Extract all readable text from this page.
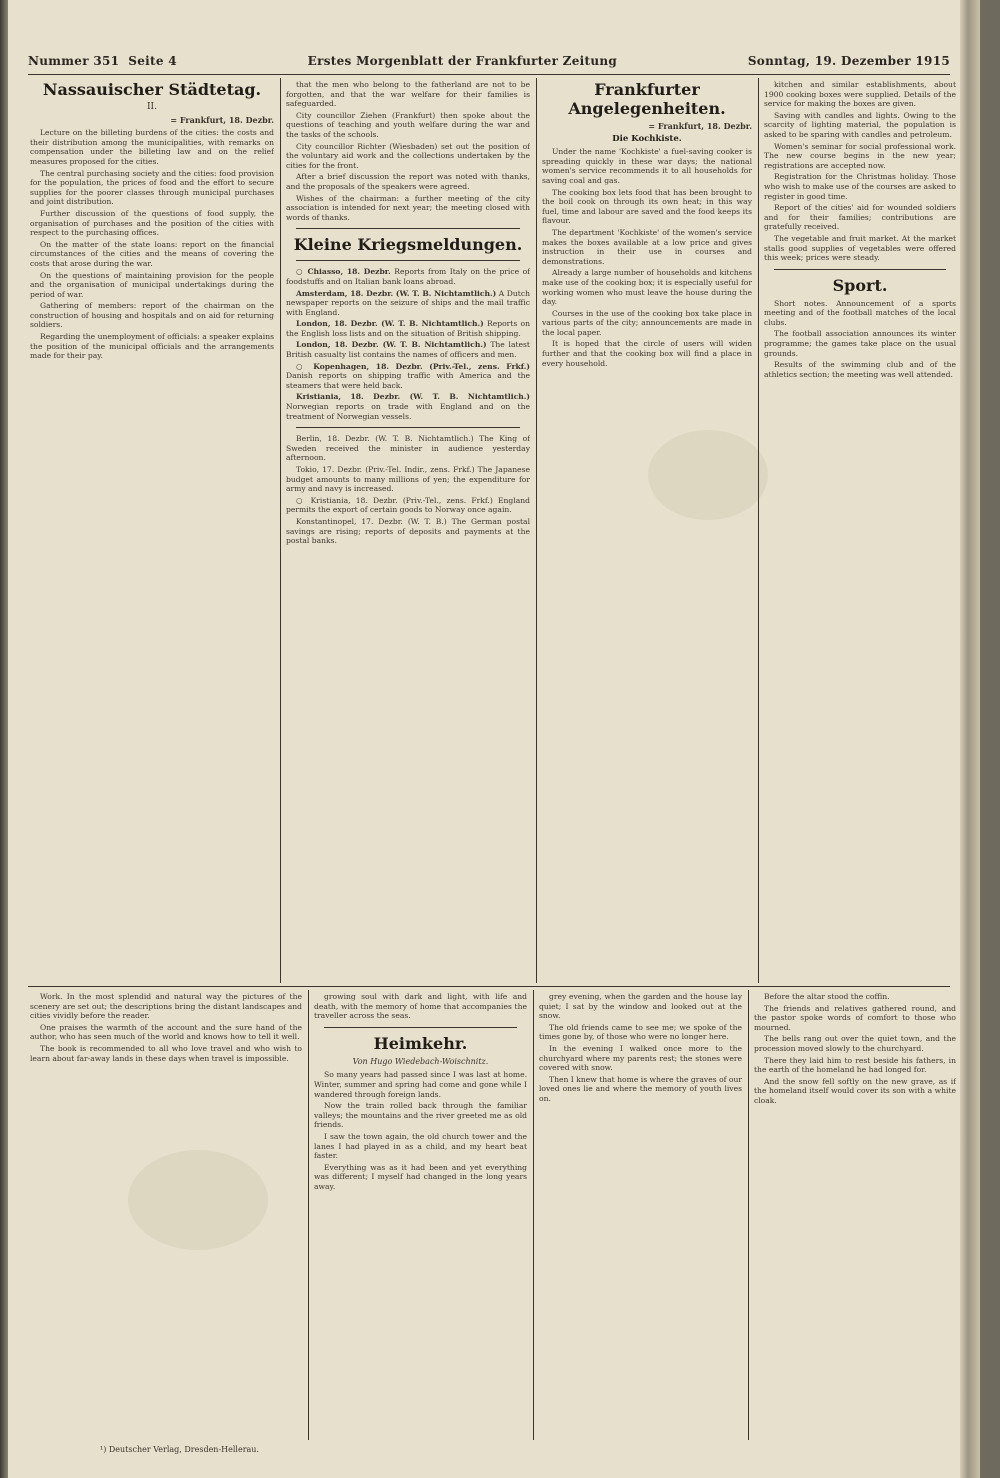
Nummer 351 Seite 4	Erstes Morgenblatt der Frankfurter Zeitung	Sonntag, 19. Dezember 1915
Nassauischer Städtetag.
II.
= Frankfurt, 18. Dezbr.

Lecture on the billeting burdens of the cities: the costs and their distribution among the municipalities, with remarks on compensation under the billeting law and on the relief measures proposed for the cities.

The central purchasing society and the cities: food provision for the population, the prices of food and the effort to secure supplies for the poorer classes through municipal purchases and joint distribution.

Further discussion of the questions of food supply, the organisation of purchases and the position of the cities with respect to the purchasing offices.

On the matter of the state loans: report on the financial circumstances of the cities and the means of covering the costs that arose during the war.

On the questions of maintaining provision for the people and the organisation of municipal undertakings during the period of war.

Gathering of members: report of the chairman on the construction of housing and hospitals and on aid for returning soldiers.

Regarding the unemployment of officials: a speaker explains the position of the municipal officials and the arrangements made for their pay.

that the men who belong to the fatherland are not to be forgotten, and that the war welfare for their families is safeguarded.

City councillor Ziehen (Frankfurt) then spoke about the questions of teaching and youth welfare during the war and the tasks of the schools.

City councillor Richter (Wiesbaden) set out the position of the voluntary aid work and the collections undertaken by the cities for the front.

After a brief discussion the report was noted with thanks, and the proposals of the speakers were agreed.

Wishes of the chairman: a further meeting of the city association is intended for next year; the meeting closed with words of thanks.

Kleine Kriegsmeldungen.

○ Chiasso, 18. Dezbr. Reports from Italy on the price of foodstuffs and on Italian bank loans abroad.

Amsterdam, 18. Dezbr. (W. T. B. Nichtamtlich.) A Dutch newspaper reports on the seizure of ships and the mail traffic with England.

London, 18. Dezbr. (W. T. B. Nichtamtlich.) Reports on the English loss lists and on the situation of British shipping.

London, 18. Dezbr. (W. T. B. Nichtamtlich.) The latest British casualty list contains the names of officers and men.

○ Kopenhagen, 18. Dezbr. (Priv.-Tel., zens. Frkf.) Danish reports on shipping traffic with America and the steamers that were held back.

Kristiania, 18. Dezbr. (W. T. B. Nichtamtlich.) Norwegian reports on trade with England and on the treatment of Norwegian vessels.

Berlin, 18. Dezbr. (W. T. B. Nichtamtlich.) The King of Sweden received the minister in audience yesterday afternoon.

Tokio, 17. Dezbr. (Priv.-Tel. Indir., zens. Frkf.) The Japanese budget amounts to many millions of yen; the expenditure for army and navy is increased.

○ Kristiania, 18. Dezbr. (Priv.-Tel., zens. Frkf.) England permits the export of certain goods to Norway once again.

Konstantinopel, 17. Dezbr. (W. T. B.) The German postal savings are rising; reports of deposits and payments at the postal banks.

Frankfurter Angelegenheiten.
= Frankfurt, 18. Dezbr.
Die Kochkiste.

Under the name 'Kochkiste' a fuel-saving cooker is spreading quickly in these war days; the national women's service recommends it to all households for saving coal and gas.

The cooking box lets food that has been brought to the boil cook on through its own heat; in this way fuel, time and labour are saved and the food keeps its flavour.

The department 'Kochkiste' of the women's service makes the boxes available at a low price and gives instruction in their use in courses and demonstrations.

Already a large number of households and kitchens make use of the cooking box; it is especially useful for working women who must leave the house during the day.

Courses in the use of the cooking box take place in various parts of the city; announcements are made in the local paper.

It is hoped that the circle of users will widen further and that the cooking box will find a place in every household.

kitchen and similar establishments, about 1900 cooking boxes were supplied. Details of the service for making the boxes are given.

Saving with candles and lights. Owing to the scarcity of lighting material, the population is asked to be sparing with candles and petroleum.

Women's seminar for social professional work. The new course begins in the new year; registrations are accepted now.

Registration for the Christmas holiday. Those who wish to make use of the courses are asked to register in good time.

Report of the cities' aid for wounded soldiers and for their families; contributions are gratefully received.

The vegetable and fruit market. At the market stalls good supplies of vegetables were offered this week; prices were steady.

Sport.

Short notes. Announcement of a sports meeting and of the football matches of the local clubs.

The football association announces its winter programme; the games take place on the usual grounds.

Results of the swimming club and of the athletics section; the meeting was well attended.

Work. In the most splendid and natural way the pictures of the scenery are set out; the descriptions bring the distant landscapes and cities vividly before the reader.

One praises the warmth of the account and the sure hand of the author, who has seen much of the world and knows how to tell it well.

The book is recommended to all who love travel and who wish to learn about far-away lands in these days when travel is impossible.

growing soul with dark and light, with life and death, with the memory of home that accompanies the traveller across the seas.

Heimkehr.
Von Hugo Wiedebach-Woischnitz.

So many years had passed since I was last at home. Winter, summer and spring had come and gone while I wandered through foreign lands.

Now the train rolled back through the familiar valleys; the mountains and the river greeted me as old friends.

I saw the town again, the old church tower and the lanes I had played in as a child, and my heart beat faster.

Everything was as it had been and yet everything was different; I myself had changed in the long years away.

grey evening, when the garden and the house lay quiet; I sat by the window and looked out at the snow.

The old friends came to see me; we spoke of the times gone by, of those who were no longer here.

In the evening I walked once more to the churchyard where my parents rest; the stones were covered with snow.

Then I knew that home is where the graves of our loved ones lie and where the memory of youth lives on.

Before the altar stood the coffin.

The friends and relatives gathered round, and the pastor spoke words of comfort to those who mourned.

The bells rang out over the quiet town, and the procession moved slowly to the churchyard.

There they laid him to rest beside his fathers, in the earth of the homeland he had longed for.

And the snow fell softly on the new grave, as if the homeland itself would cover its son with a white cloak.

¹) Deutscher Verlag, Dresden-Hellerau.
